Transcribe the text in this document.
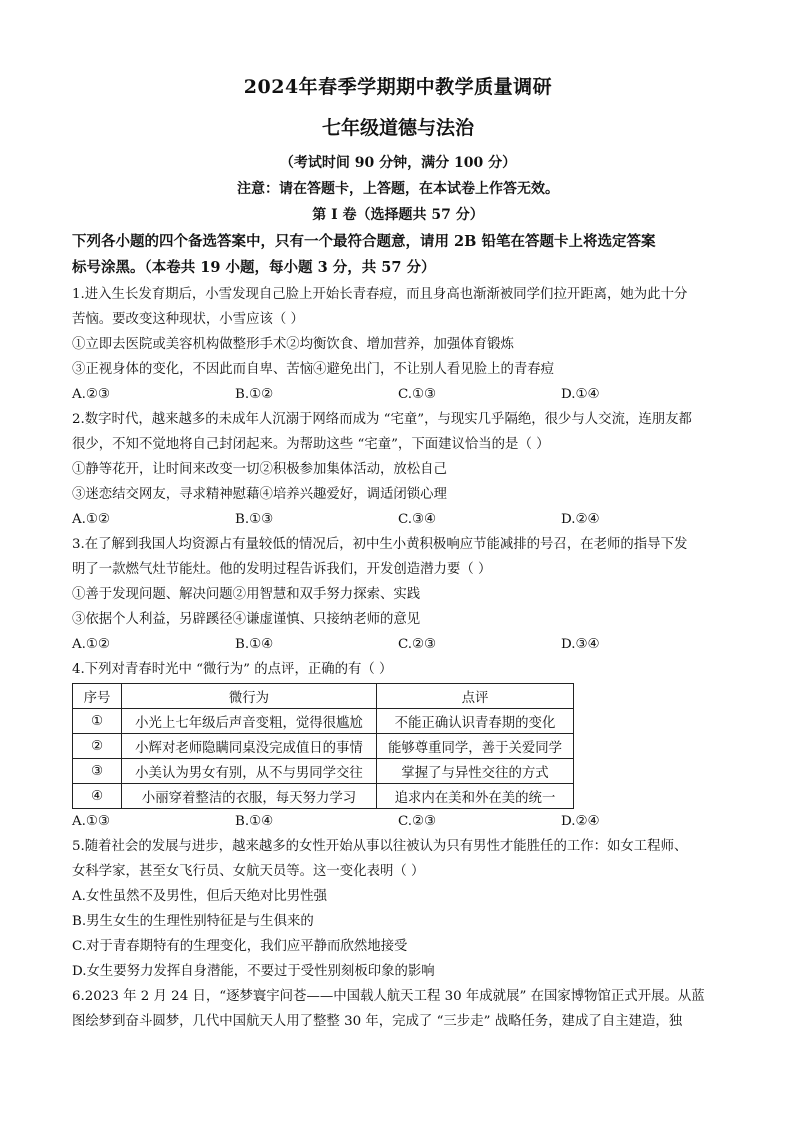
2024年春季学期期中教学质量调研
七年级道德与法治
（考试时间 90 分钟，满分 100 分）
注意：请在答题卡，上答题，在本试卷上作答无效。
第 I 卷（选择题共 57 分）
下列各小题的四个备选答案中，只有一个最符合题意，请用 2B 铅笔在答题卡上将选定答案
标号涂黑。（本卷共 19 小题，每小题 3 分，共 57 分）
1.进入生长发育期后，小雪发现自己脸上开始长青春痘，而且身高也渐渐被同学们拉开距离，她为此十分
苦恼。要改变这种现状，小雪应该（ ）
①立即去医院或美容机构做整形手术②均衡饮食、增加营养，加强体育锻炼
③正视身体的变化，不因此而自卑、苦恼④避免出门，不让别人看见脸上的青春痘
A.②③	B.①②	C.①③	D.①④
2.数字时代，越来越多的未成年人沉溺于网络而成为 “宅童”，与现实几乎隔绝，很少与人交流，连朋友都
很少，不知不觉地将自己封闭起来。为帮助这些 “宅童”，下面建议恰当的是（ ）
①静等花开，让时间来改变一切②积极参加集体活动，放松自己
③迷恋结交网友，寻求精神慰藉④培养兴趣爱好，调适闭锁心理
A.①②	B.①③	C.③④	D.②④
3.在了解到我国人均资源占有量较低的情况后，初中生小黄积极响应节能减排的号召，在老师的指导下发
明了一款燃气灶节能灶。他的发明过程告诉我们，开发创造潜力要（ ）
①善于发现问题、解决问题②用智慧和双手努力探索、实践
③依据个人利益，另辟蹊径④谦虚谨慎、只接纳老师的意见
A.①②	B.①④	C.②③	D.③④
4.下列对青春时光中 “微行为” 的点评，正确的有（ ）
序号	微行为	点评
①	小光上七年级后声音变粗，觉得很尴尬	不能正确认识青春期的变化
②	小辉对老师隐瞒同桌没完成值日的事情	能够尊重同学，善于关爱同学
③	小美认为男女有别，从不与男同学交往	掌握了与异性交往的方式
④	小丽穿着整洁的衣服，每天努力学习	追求内在美和外在美的统一
A.①③	B.①④	C.②③	D.②④
5.随着社会的发展与进步，越来越多的女性开始从事以往被认为只有男性才能胜任的工作：如女工程师、
女科学家，甚至女飞行员、女航天员等。这一变化表明（ ）
A.女性虽然不及男性，但后天绝对比男性强
B.男生女生的生理性别特征是与生俱来的
C.对于青春期特有的生理变化，我们应平静而欣然地接受
D.女生要努力发挥自身潜能，不要过于受性别刻板印象的影响
6.2023 年 2 月 24 日，“逐梦寰宇问苍——中国载人航天工程 30 年成就展” 在国家博物馆正式开展。从蓝
图绘梦到奋斗圆梦，几代中国航天人用了整整 30 年，完成了 “三步走” 战略任务，建成了自主建造，独
